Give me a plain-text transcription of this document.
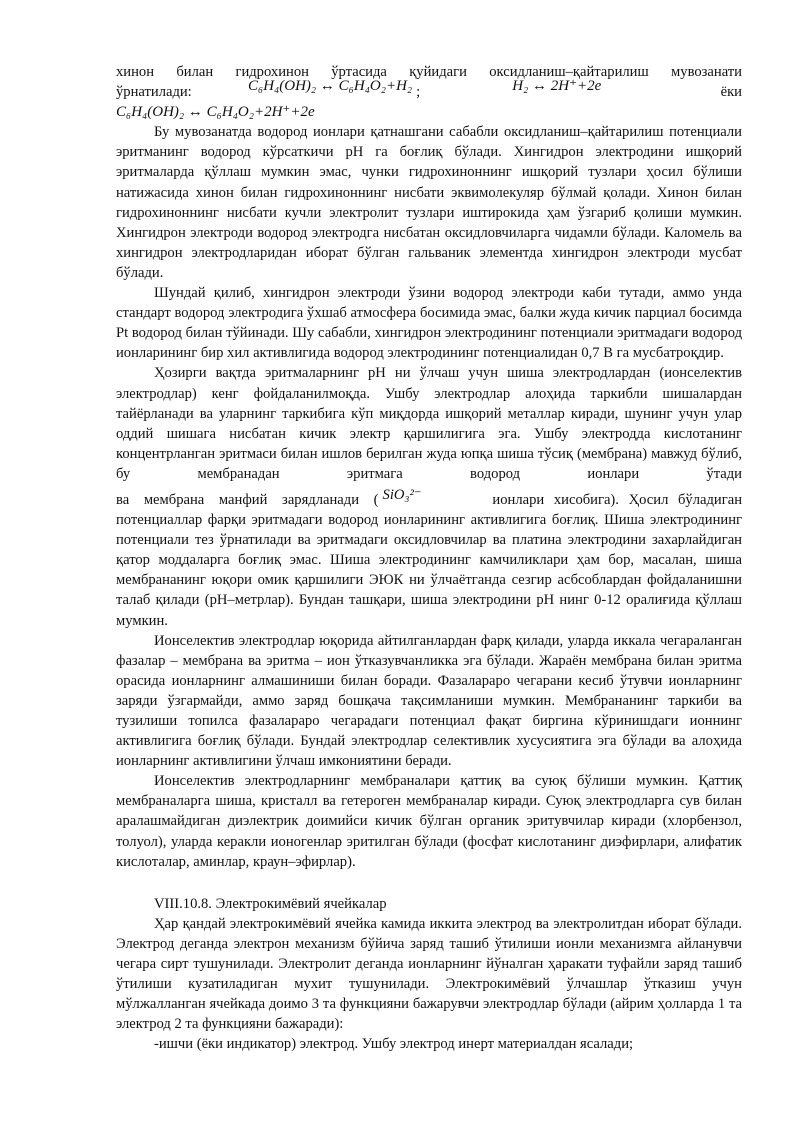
хинон билан гидрохинон ўртасида қуйидаги оксидланиш–қайтарилиш мувозанати

ўрнатилади:	C₆H₄(OH)₂ ↔ C₆H₄O₂+H₂ ;	H₂ ↔ 2H⁺+2e	ёки
C₆H₄(OH)₂ ↔ C₆H₄O₂+2H⁺+2e

Бу мувозанатда водород ионлари қатнашгани сабабли оксидланиш–қайтарилиш потенциали эритманинг водород кўрсаткичи pH га боғлиқ бўлади. Хингидрон электродини ишқорий эритмаларда қўллаш мумкин эмас, чунки гидрохиноннинг ишқорий тузлари ҳосил бўлиши натижасида хинон билан гидрохиноннинг нисбати эквимолекуляр бўлмай қолади. Хинон билан гидрохиноннинг нисбати кучли электролит тузлари иштирокида ҳам ўзгариб қолиши мумкин. Хингидрон электроди водород электродга нисбатан оксидловчиларга чидамли бўлади. Каломель ва хингидрон электродларидан иборат бўлган гальваник элементда хингидрон электроди мусбат бўлади.

Шундай қилиб, хингидрон электроди ўзини водород электроди каби тутади, аммо унда стандарт водород электродига ўхшаб атмосфера босимида эмас, балки жуда кичик парциал босимда Pt водород билан тўйинади. Шу сабабли, хингидрон электродининг потенциали эритмадаги водород ионларининг бир хил активлигида водород электродининг потенциалидан 0,7 В га мусбатроқдир.

Ҳозирги вақтда эритмаларнинг pH ни ўлчаш учун шиша электродлардан (ионселектив электродлар) кенг фойдаланилмоқда. Ушбу электродлар алоҳида таркибли шишалардан тайёрланади ва уларнинг таркибига кўп миқдорда ишқорий металлар киради, шунинг учун улар оддий шишага нисбатан кичик электр қаршилигига эга. Ушбу электродда кислотанинг концентрланган эритмаси билан ишлов берилган жуда юпқа шиша тўсиқ (мембрана) мавжуд бўлиб, бу мембранадан эритмага водород ионлари ўтади

ва мембрана манфий зарядланади ( SiO₃²⁻	ионлари хисобига). Ҳосил бўладиган

потенциаллар фарқи эритмадаги водород ионларининг активлигига боғлиқ. Шиша электродининг потенциали тез ўрнатилади ва эритмадаги оксидловчилар ва платина электродини захарлайдиган қатор моддаларга боғлиқ эмас. Шиша электродининг камчиликлари ҳам бор, масалан, шиша мембрананинг юқори омик қаршилиги ЭЮК ни ўлчаётганда сезгир асбсоблардан фойдаланишни талаб қилади (pH–метрлар). Бундан ташқари, шиша электродини pH нинг 0-12 оралиғида қўллаш мумкин.

Ионселектив электродлар юқорида айтилганлардан фарқ қилади, уларда иккала чегараланган фазалар – мембрана ва эритма – ион ўтказувчанликка эга бўлади. Жараён мембрана билан эритма орасида ионларнинг алмашиниши билан боради. Фазалараро чегарани кесиб ўтувчи ионларнинг заряди ўзгармайди, аммо заряд бошқача тақсимланиши мумкин. Мембрананинг таркиби ва тузилиши топилса фазалараро чегарадаги потенциал фақат биргина кўринишдаги ионнинг активлигига боғлиқ бўлади. Бундай электродлар селективлик хусусиятига эга бўлади ва алоҳида ионларнинг активлигини ўлчаш имкониятини беради.

Ионселектив электродларнинг мембраналари қаттиқ ва суюқ бўлиши мумкин. Қаттиқ мембраналарга шиша, кристалл ва гетероген мембраналар киради. Суюқ электродларга сув билан аралашмайдиган диэлектрик доимийси кичик бўлган органик эритувчилар киради (хлорбензол, толуол), уларда керакли ионогенлар эритилган бўлади (фосфат кислотанинг диэфирлари, алифатик кислоталар, аминлар, краун–эфирлар).

VIII.10.8. Электрокимёвий ячейкалар

Ҳар қандай электрокимёвий ячейка камида иккита электрод ва электролитдан иборат бўлади. Электрод деганда электрон механизм бўйича заряд ташиб ўтилиши ионли механизмга айланувчи чегара сирт тушунилади. Электролит деганда ионларнинг йўналган ҳаракати туфайли заряд ташиб ўтилиши кузатиладиган мухит тушунилади. Электрокимёвий ўлчашлар ўтказиш учун мўлжалланган ячейкада доимо 3 та функцияни бажарувчи электродлар бўлади (айрим ҳолларда 1 та электрод 2 та функцияни бажаради):

-ишчи (ёки индикатор) электрод. Ушбу электрод инерт материалдан ясалади;
